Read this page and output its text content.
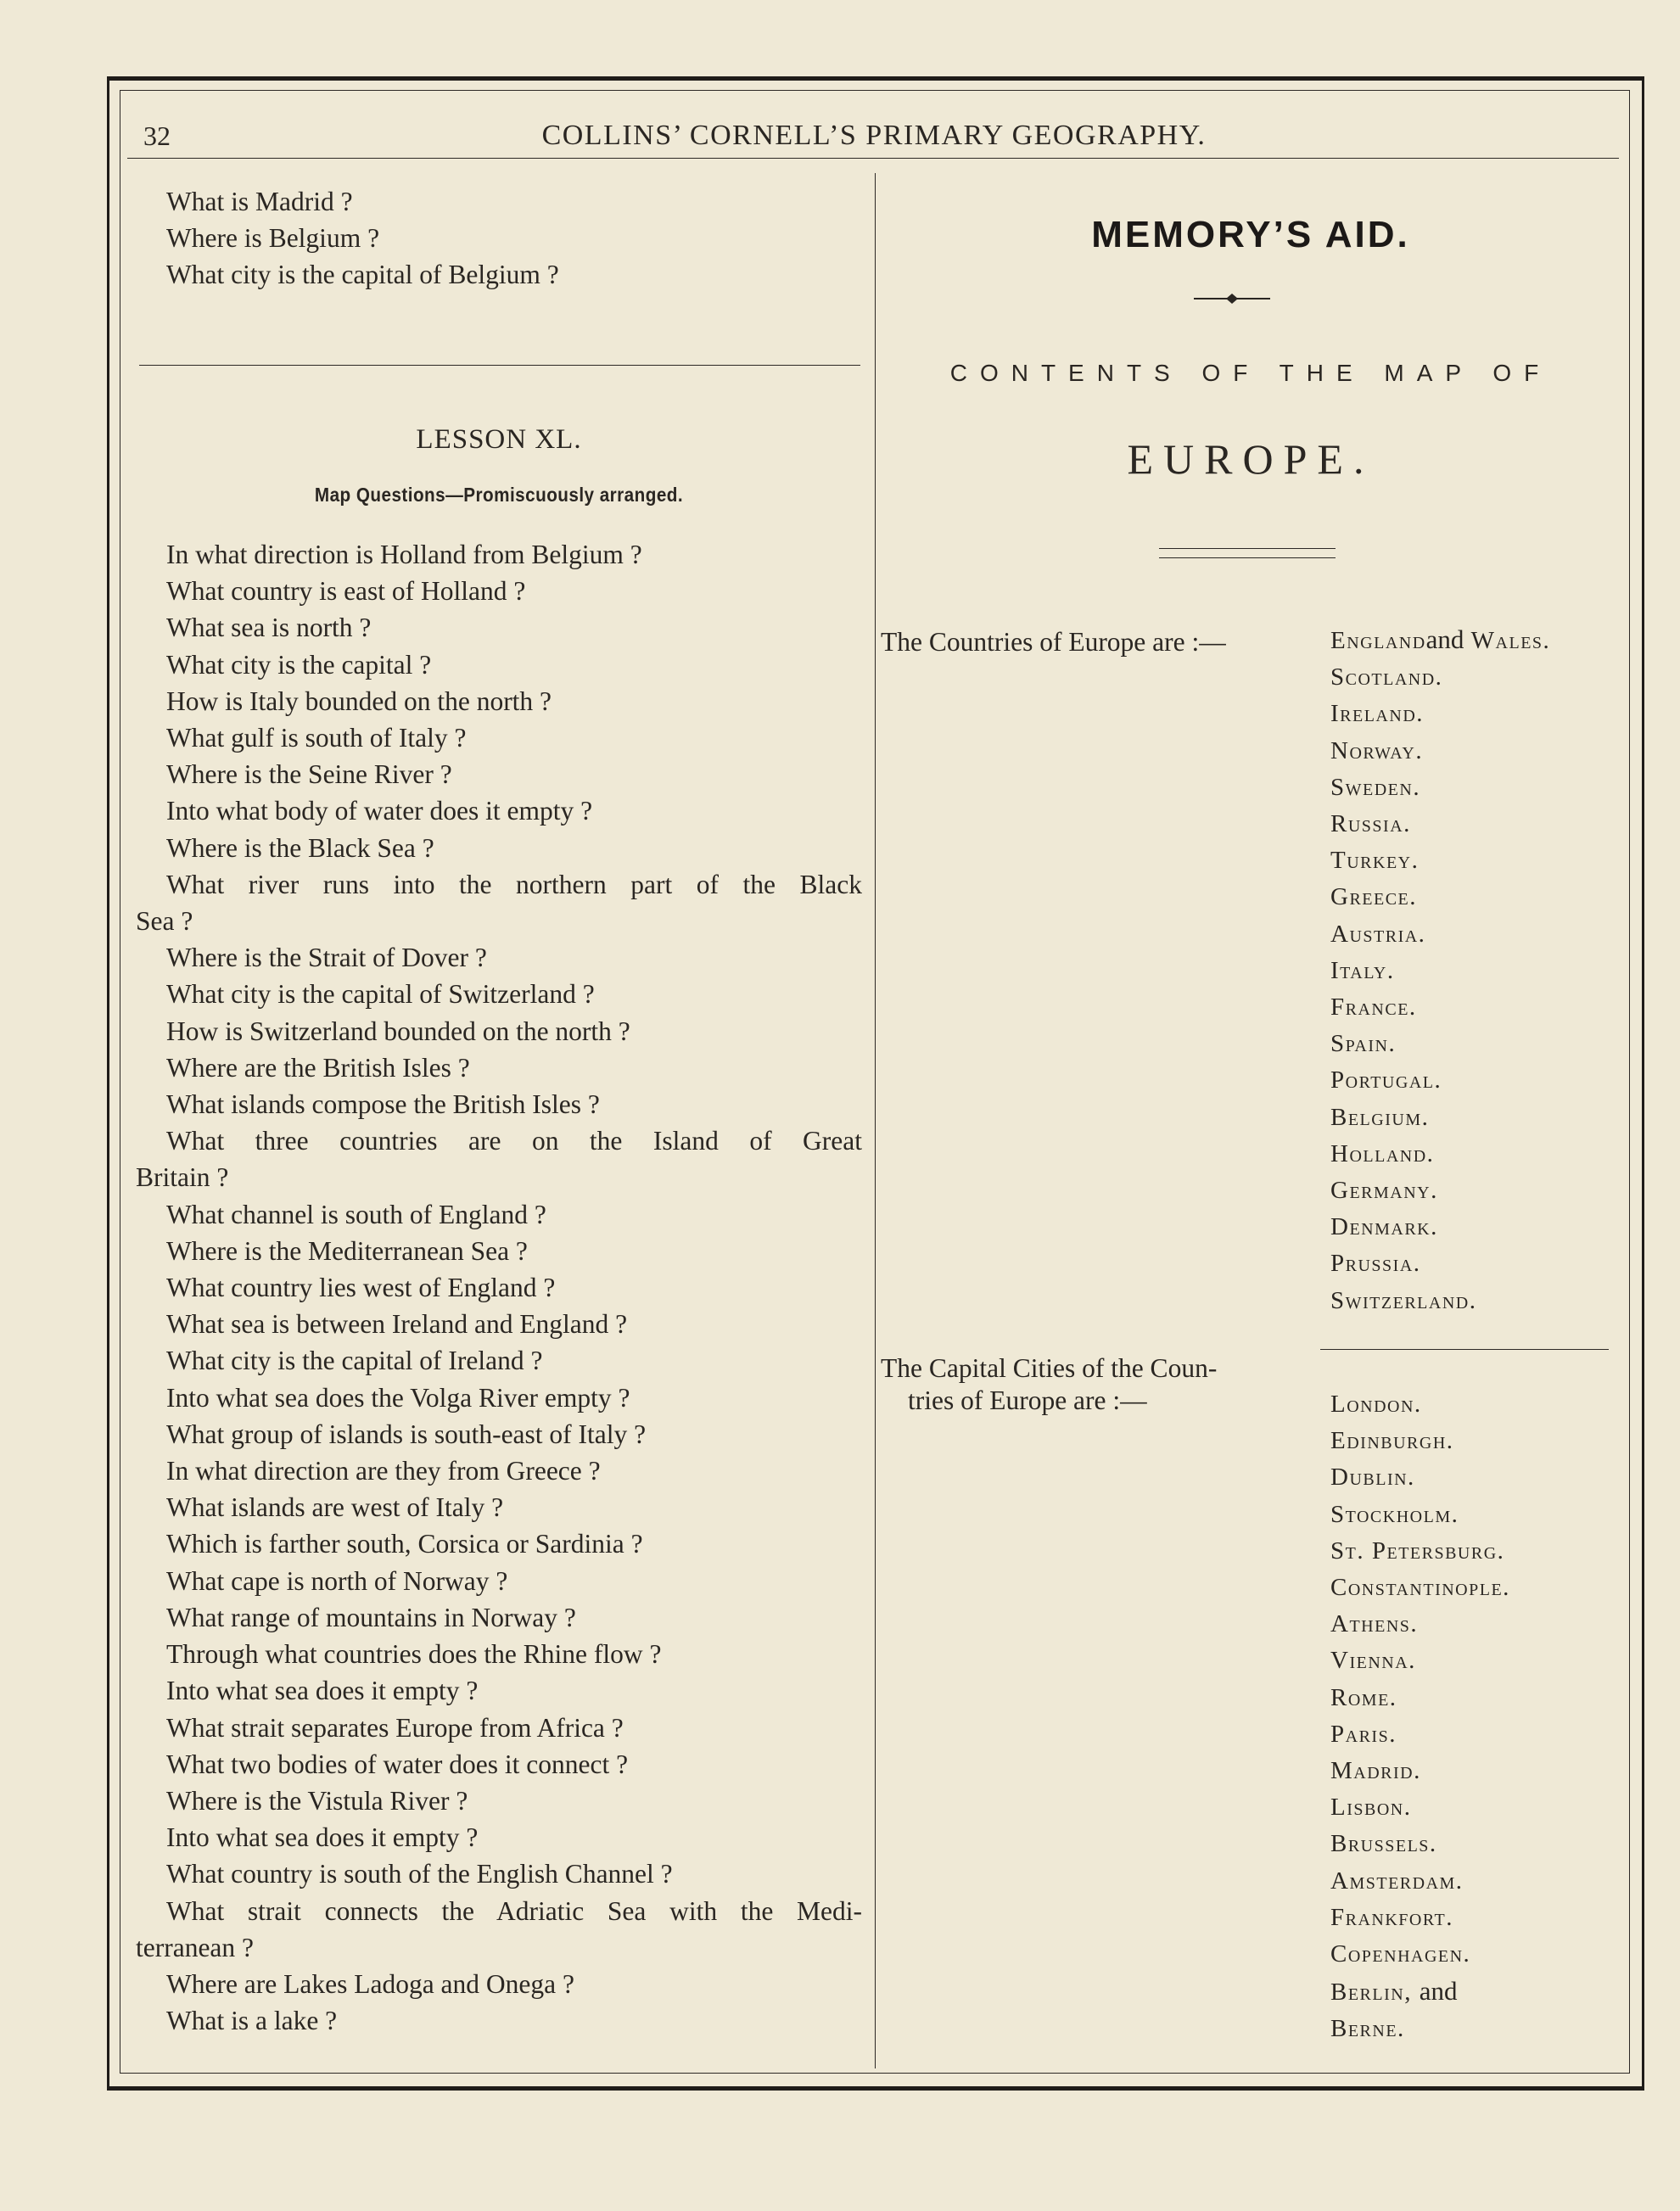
32	COLLINS’ CORNELL’S PRIMARY GEOGRAPHY.
What is Madrid ?
Where is Belgium ?
What city is the capital of Belgium ?
LESSON XL.
Map Questions—Promiscuously arranged.
In what direction is Holland from Belgium ?
What country is east of Holland ?
What sea is north ?
What city is the capital ?
How is Italy bounded on the north ?
What gulf is south of Italy ?
Where is the Seine River ?
Into what body of water does it empty ?
Where is the Black Sea ?
What river runs into the northern part of the Black
Sea ?
Where is the Strait of Dover ?
What city is the capital of Switzerland ?
How is Switzerland bounded on the north ?
Where are the British Isles ?
What islands compose the British Isles ?
What three countries are on the Island of Great
Britain ?
What channel is south of England ?
Where is the Mediterranean Sea ?
What country lies west of England ?
What sea is between Ireland and England ?
What city is the capital of Ireland ?
Into what sea does the Volga River empty ?
What group of islands is south-east of Italy ?
In what direction are they from Greece ?
What islands are west of Italy ?
Which is farther south, Corsica or Sardinia ?
What cape is north of Norway ?
What range of mountains in Norway ?
Through what countries does the Rhine flow ?
Into what sea does it empty ?
What strait separates Europe from Africa ?
What two bodies of water does it connect ?
Where is the Vistula River ?
Into what sea does it empty ?
What country is south of the English Channel ?
What strait connects the Adriatic Sea with the Medi-
terranean ?
Where are Lakes Ladoga and Onega ?
What is a lake ?
MEMORY’S AID.
CONTENTS OF THE MAP OF
EUROPE.
The Countries of Europe are :—	Englandand Wales.
Scotland.
Ireland.
Norway.
Sweden.
Russia.
Turkey.
Greece.
Austria.
Italy.
France.
Spain.
Portugal.
Belgium.
Holland.
Germany.
Denmark.
Prussia.
Switzerland.
The Capital Cities of the Coun-
tries of Europe are :—	London.
Edinburgh.
Dublin.
Stockholm.
St. Petersburg.
Constantinople.
Athens.
Vienna.
Rome.
Paris.
Madrid.
Lisbon.
Brussels.
Amsterdam.
Frankfort.
Copenhagen.
Berlin, and
Berne.
